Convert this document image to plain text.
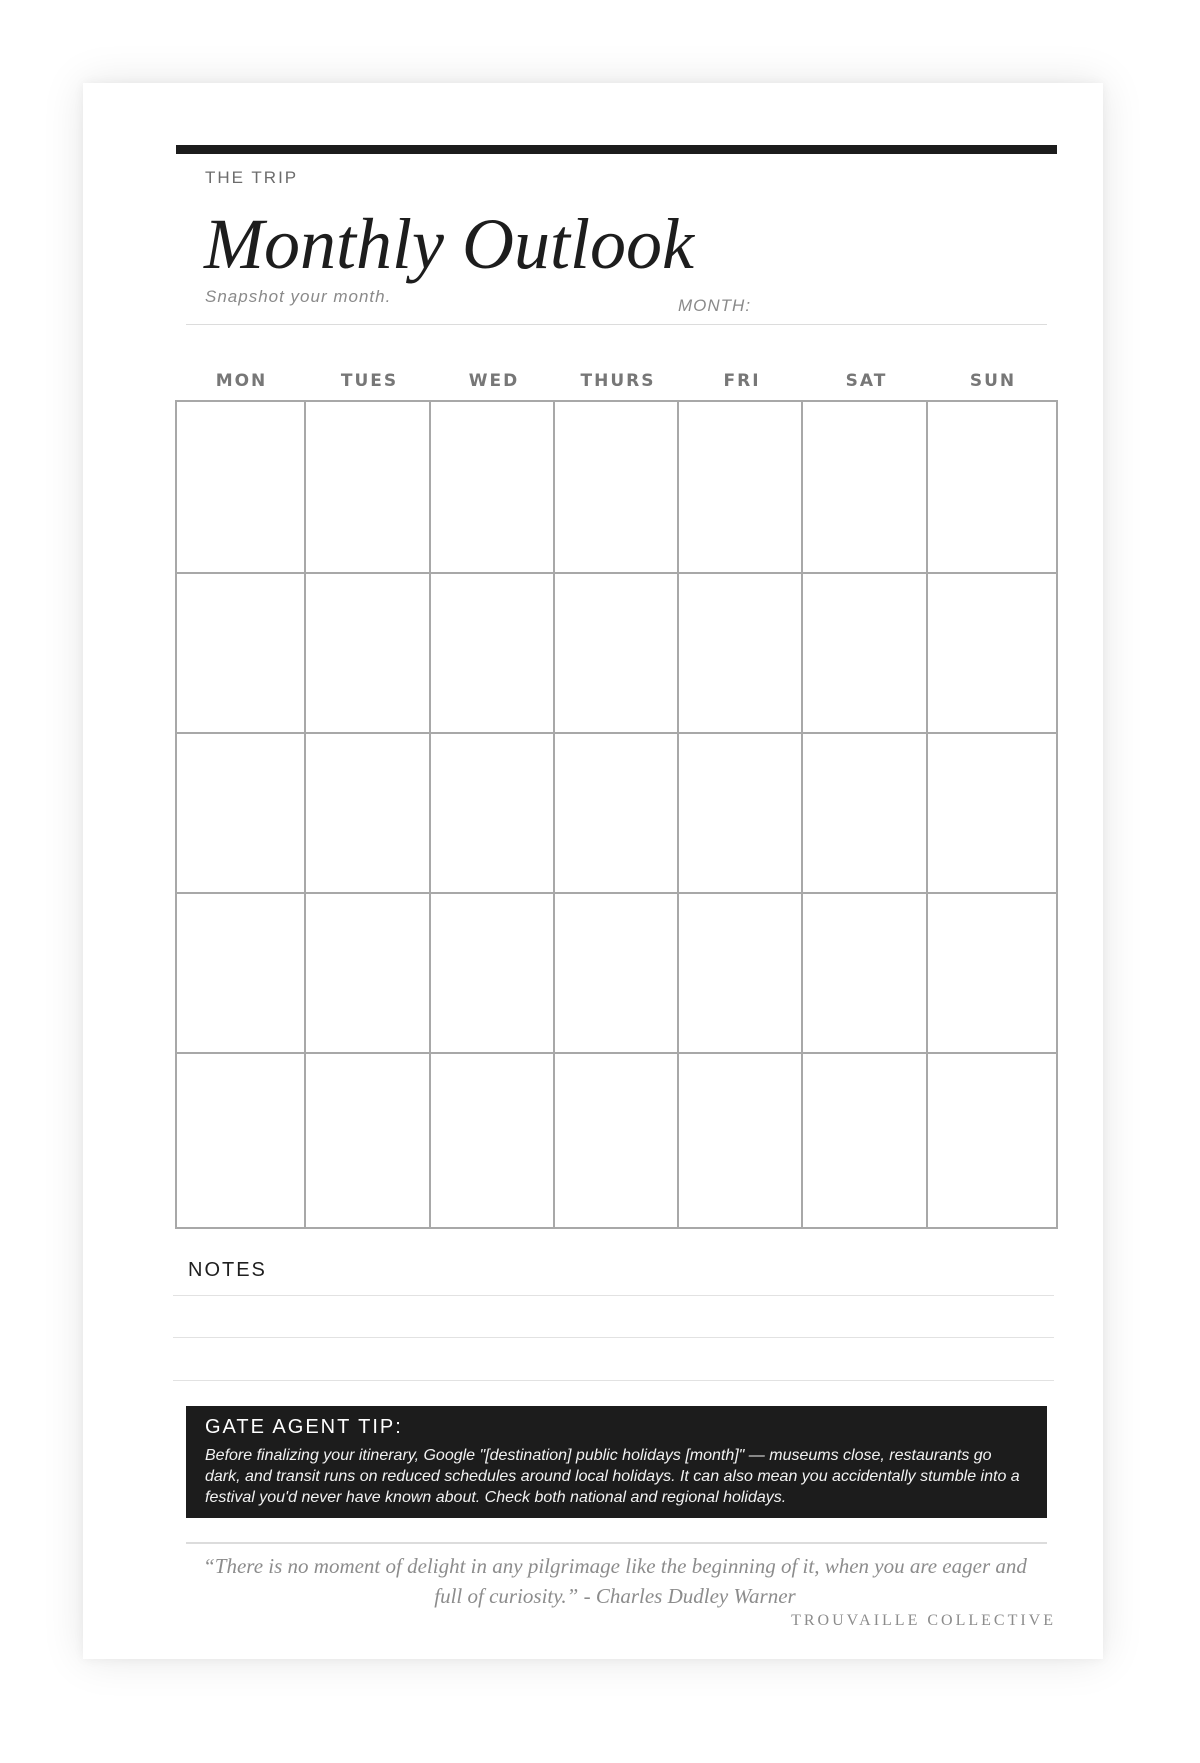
THE TRIP
Monthly Outlook
Snapshot your month.	MONTH:
MON	TUES	WED	THURS	FRI	SAT	SUN
NOTES
GATE AGENT TIP:
Before finalizing your itinerary, Google "[destination] public holidays [month]" — museums close, restaurants go dark, and transit runs on reduced schedules around local holidays. It can also mean you accidentally stumble into a festival you'd never have known about. Check both national and regional holidays.
“There is no moment of delight in any pilgrimage like the beginning of it, when you are eager and full of curiosity.” - Charles Dudley Warner
TROUVAILLE COLLECTIVE
